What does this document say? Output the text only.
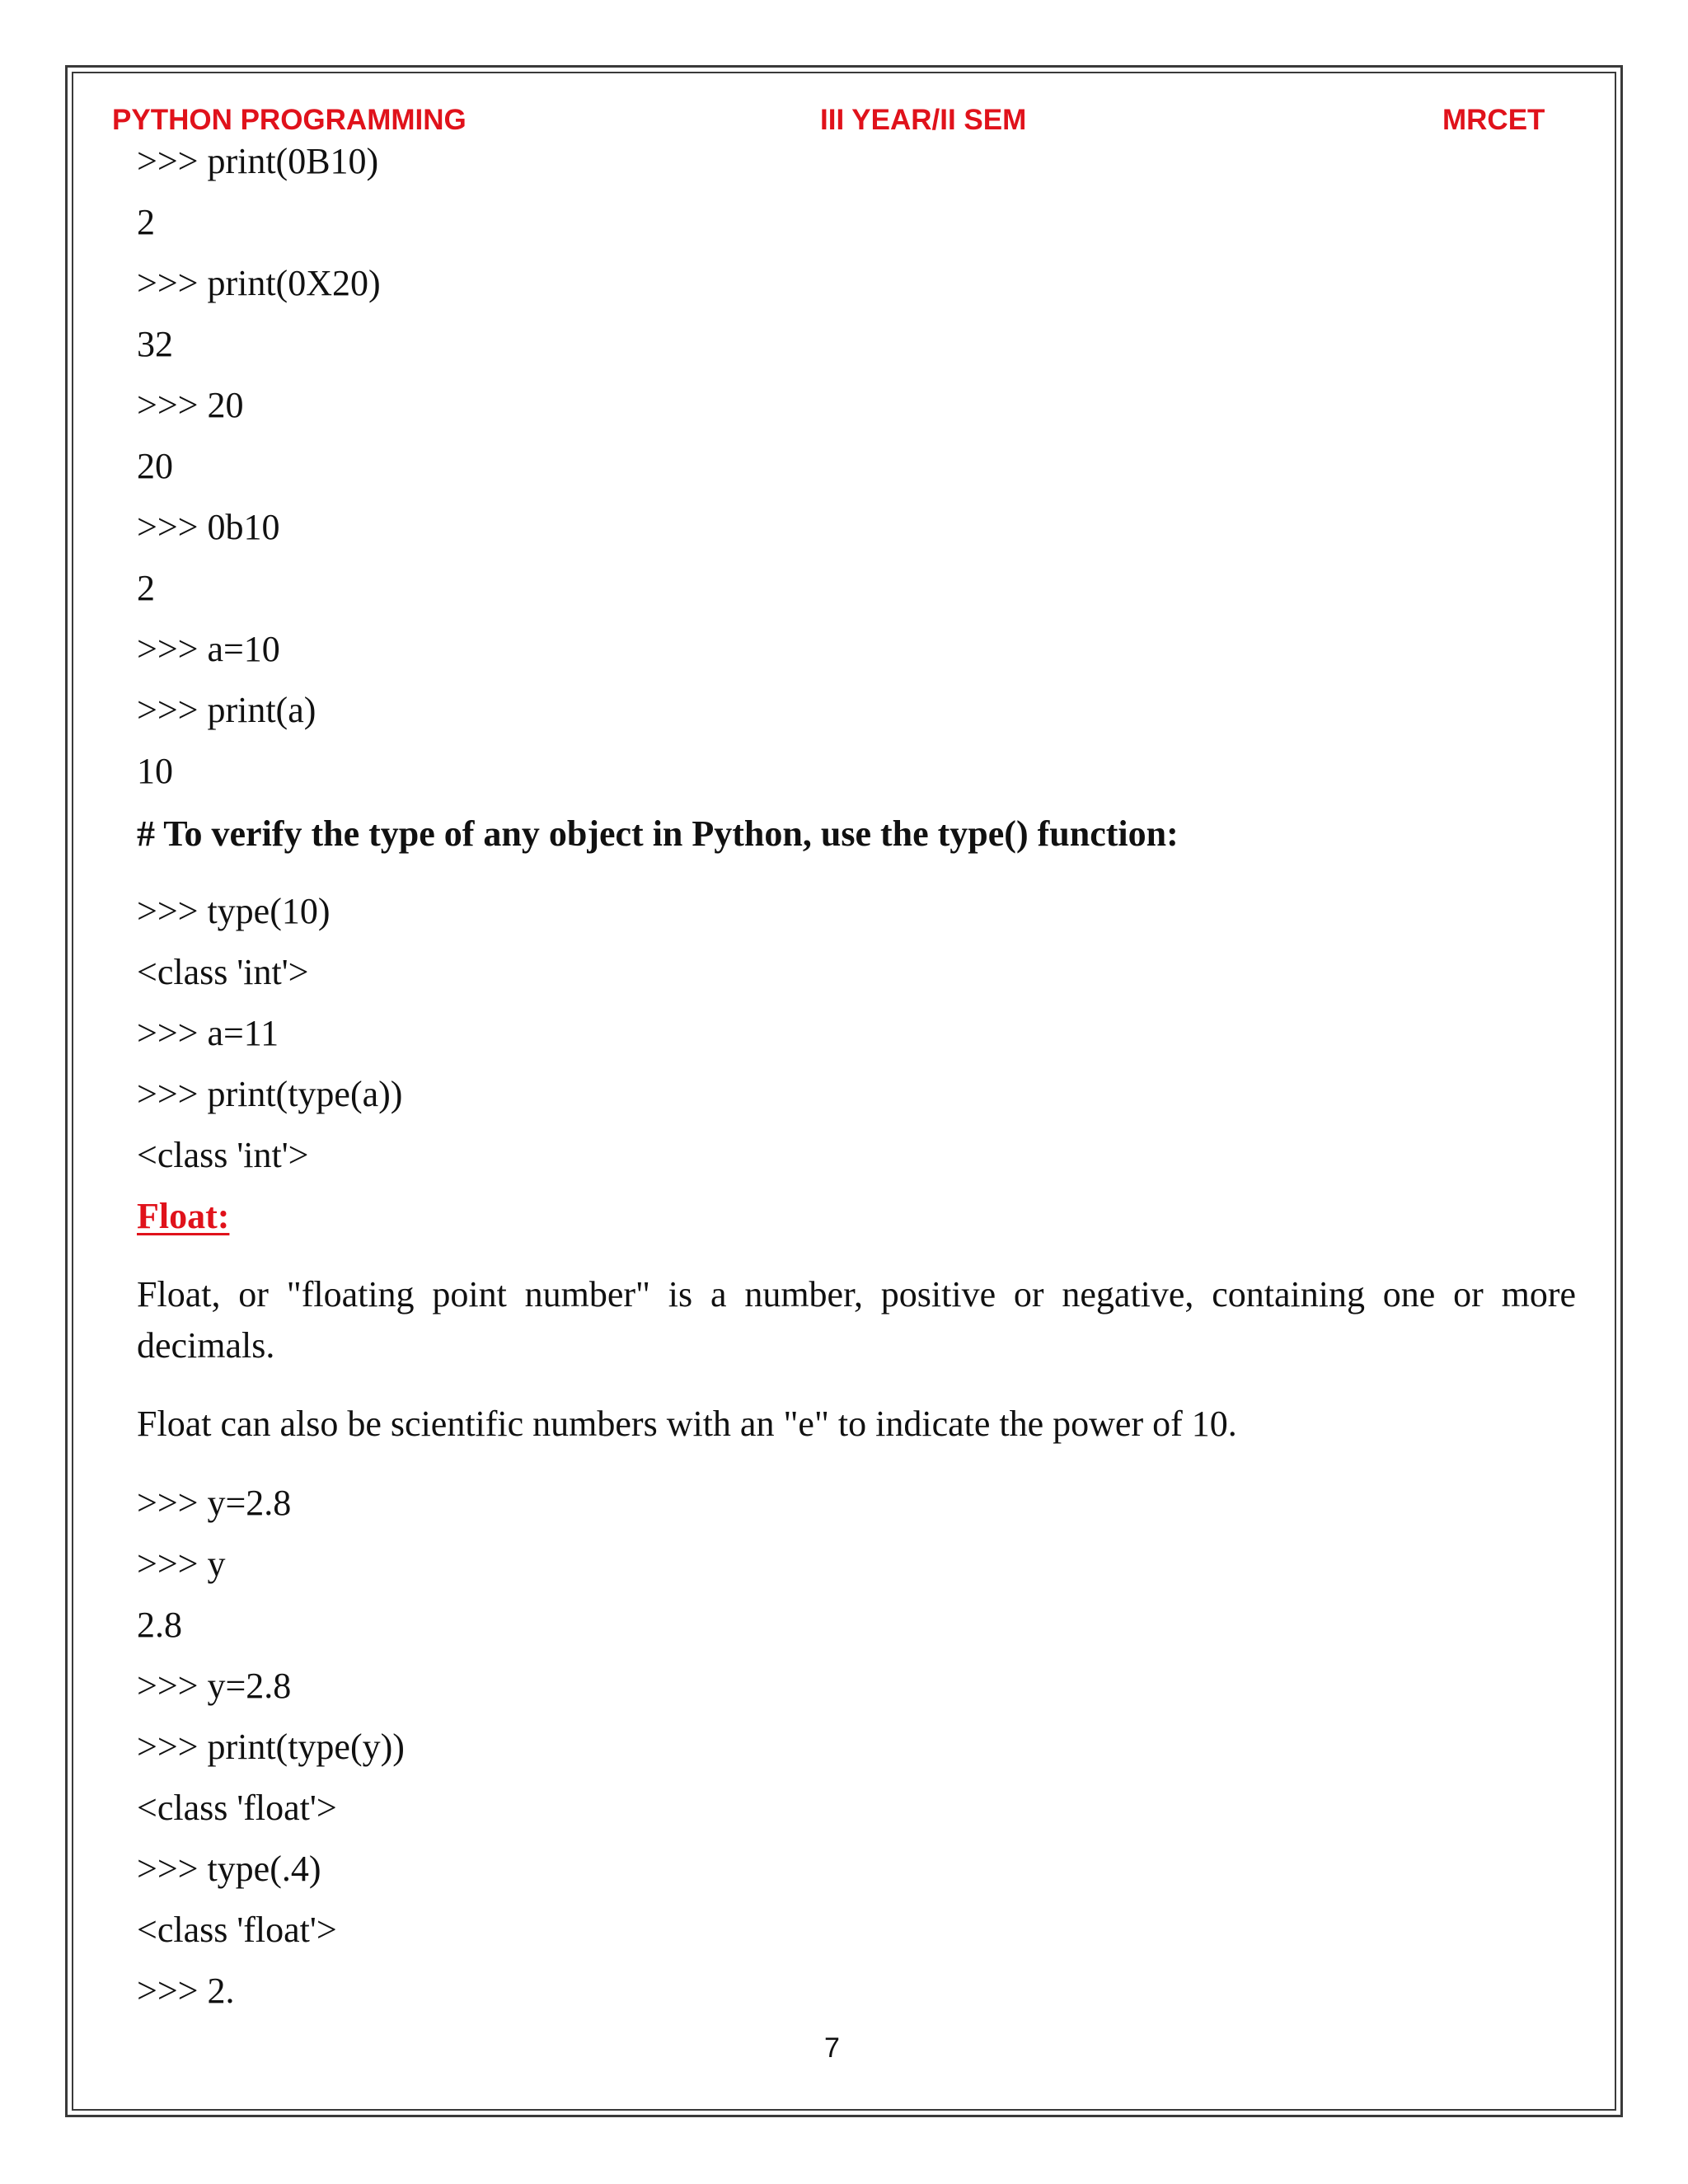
PYTHON PROGRAMMING	III YEAR/II SEM	MRCET
>>> print(0B10)
2
>>> print(0X20)
32
>>> 20
20
>>> 0b10
2
>>> a=10
>>> print(a)
10
# To verify the type of any object in Python, use the type() function:
>>> type(10)
<class 'int'>
>>> a=11
>>> print(type(a))
<class 'int'>
Float:
Float, or "floating point number" is a number, positive or negative, containing one or more decimals.
Float can also be scientific numbers with an "e" to indicate the power of 10.
>>> y=2.8
>>> y
2.8
>>> y=2.8
>>> print(type(y))
<class 'float'>
>>> type(.4)
<class 'float'>
>>> 2.
7
